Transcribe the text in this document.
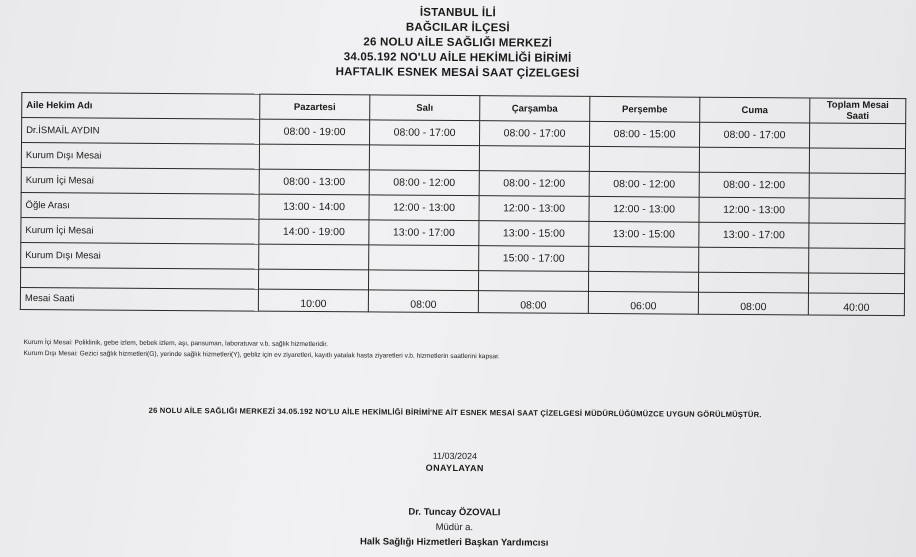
İSTANBUL İLİ
BAĞCILAR İLÇESİ
26 NOLU AİLE SAĞLIĞI MERKEZİ
34.05.192 NO'LU AİLE HEKİMLİĞİ BİRİMİ
HAFTALIK ESNEK MESAİ SAAT ÇİZELGESİ
Aile Hekim Adı	Pazartesi	Salı	Çarşamba	Perşembe	Cuma	Toplam Mesai Saati
Dr.İSMAİL AYDIN	08:00 - 19:00	08:00 - 17:00	08:00 - 17:00	08:00 - 15:00	08:00 - 17:00	
Kurum Dışı Mesai						
Kurum İçi Mesai	08:00 - 13:00	08:00 - 12:00	08:00 - 12:00	08:00 - 12:00	08:00 - 12:00	
Öğle Arası	13:00 - 14:00	12:00 - 13:00	12:00 - 13:00	12:00 - 13:00	12:00 - 13:00	
Kurum İçi Mesai	14:00 - 19:00	13:00 - 17:00	13:00 - 15:00	13:00 - 15:00	13:00 - 17:00	
Kurum Dışı Mesai			15:00 - 17:00			

Mesai Saati	10:00	08:00	08:00	06:00	08:00	40:00
Kurum İçi Mesai: Poliklinik, gebe izlem, bebek izlem, aşı, pansuman, laboratuvar v.b. sağlık hizmetleridir.
Kurum Dışı Mesai: Gezici sağlık hizmetleri(G), yerinde sağlık hizmetleri(Y), gebliz için ev ziyaretleri, kayıtlı yatalak hasta ziyaretleri v.b. hizmetlerin saatlerini kapsar.
26 NOLU AİLE SAĞLIĞI MERKEZİ 34.05.192 NO'LU AİLE HEKİMLİĞİ BİRİMİ'NE AİT ESNEK MESAİ SAAT ÇİZELGESİ MÜDÜRLÜĞÜMÜZCE UYGUN GÖRÜLMÜŞTÜR.
11/03/2024
ONAYLAYAN
Dr. Tuncay ÖZOVALI
Müdür a.
Halk Sağlığı Hizmetleri Başkan Yardımcısı
